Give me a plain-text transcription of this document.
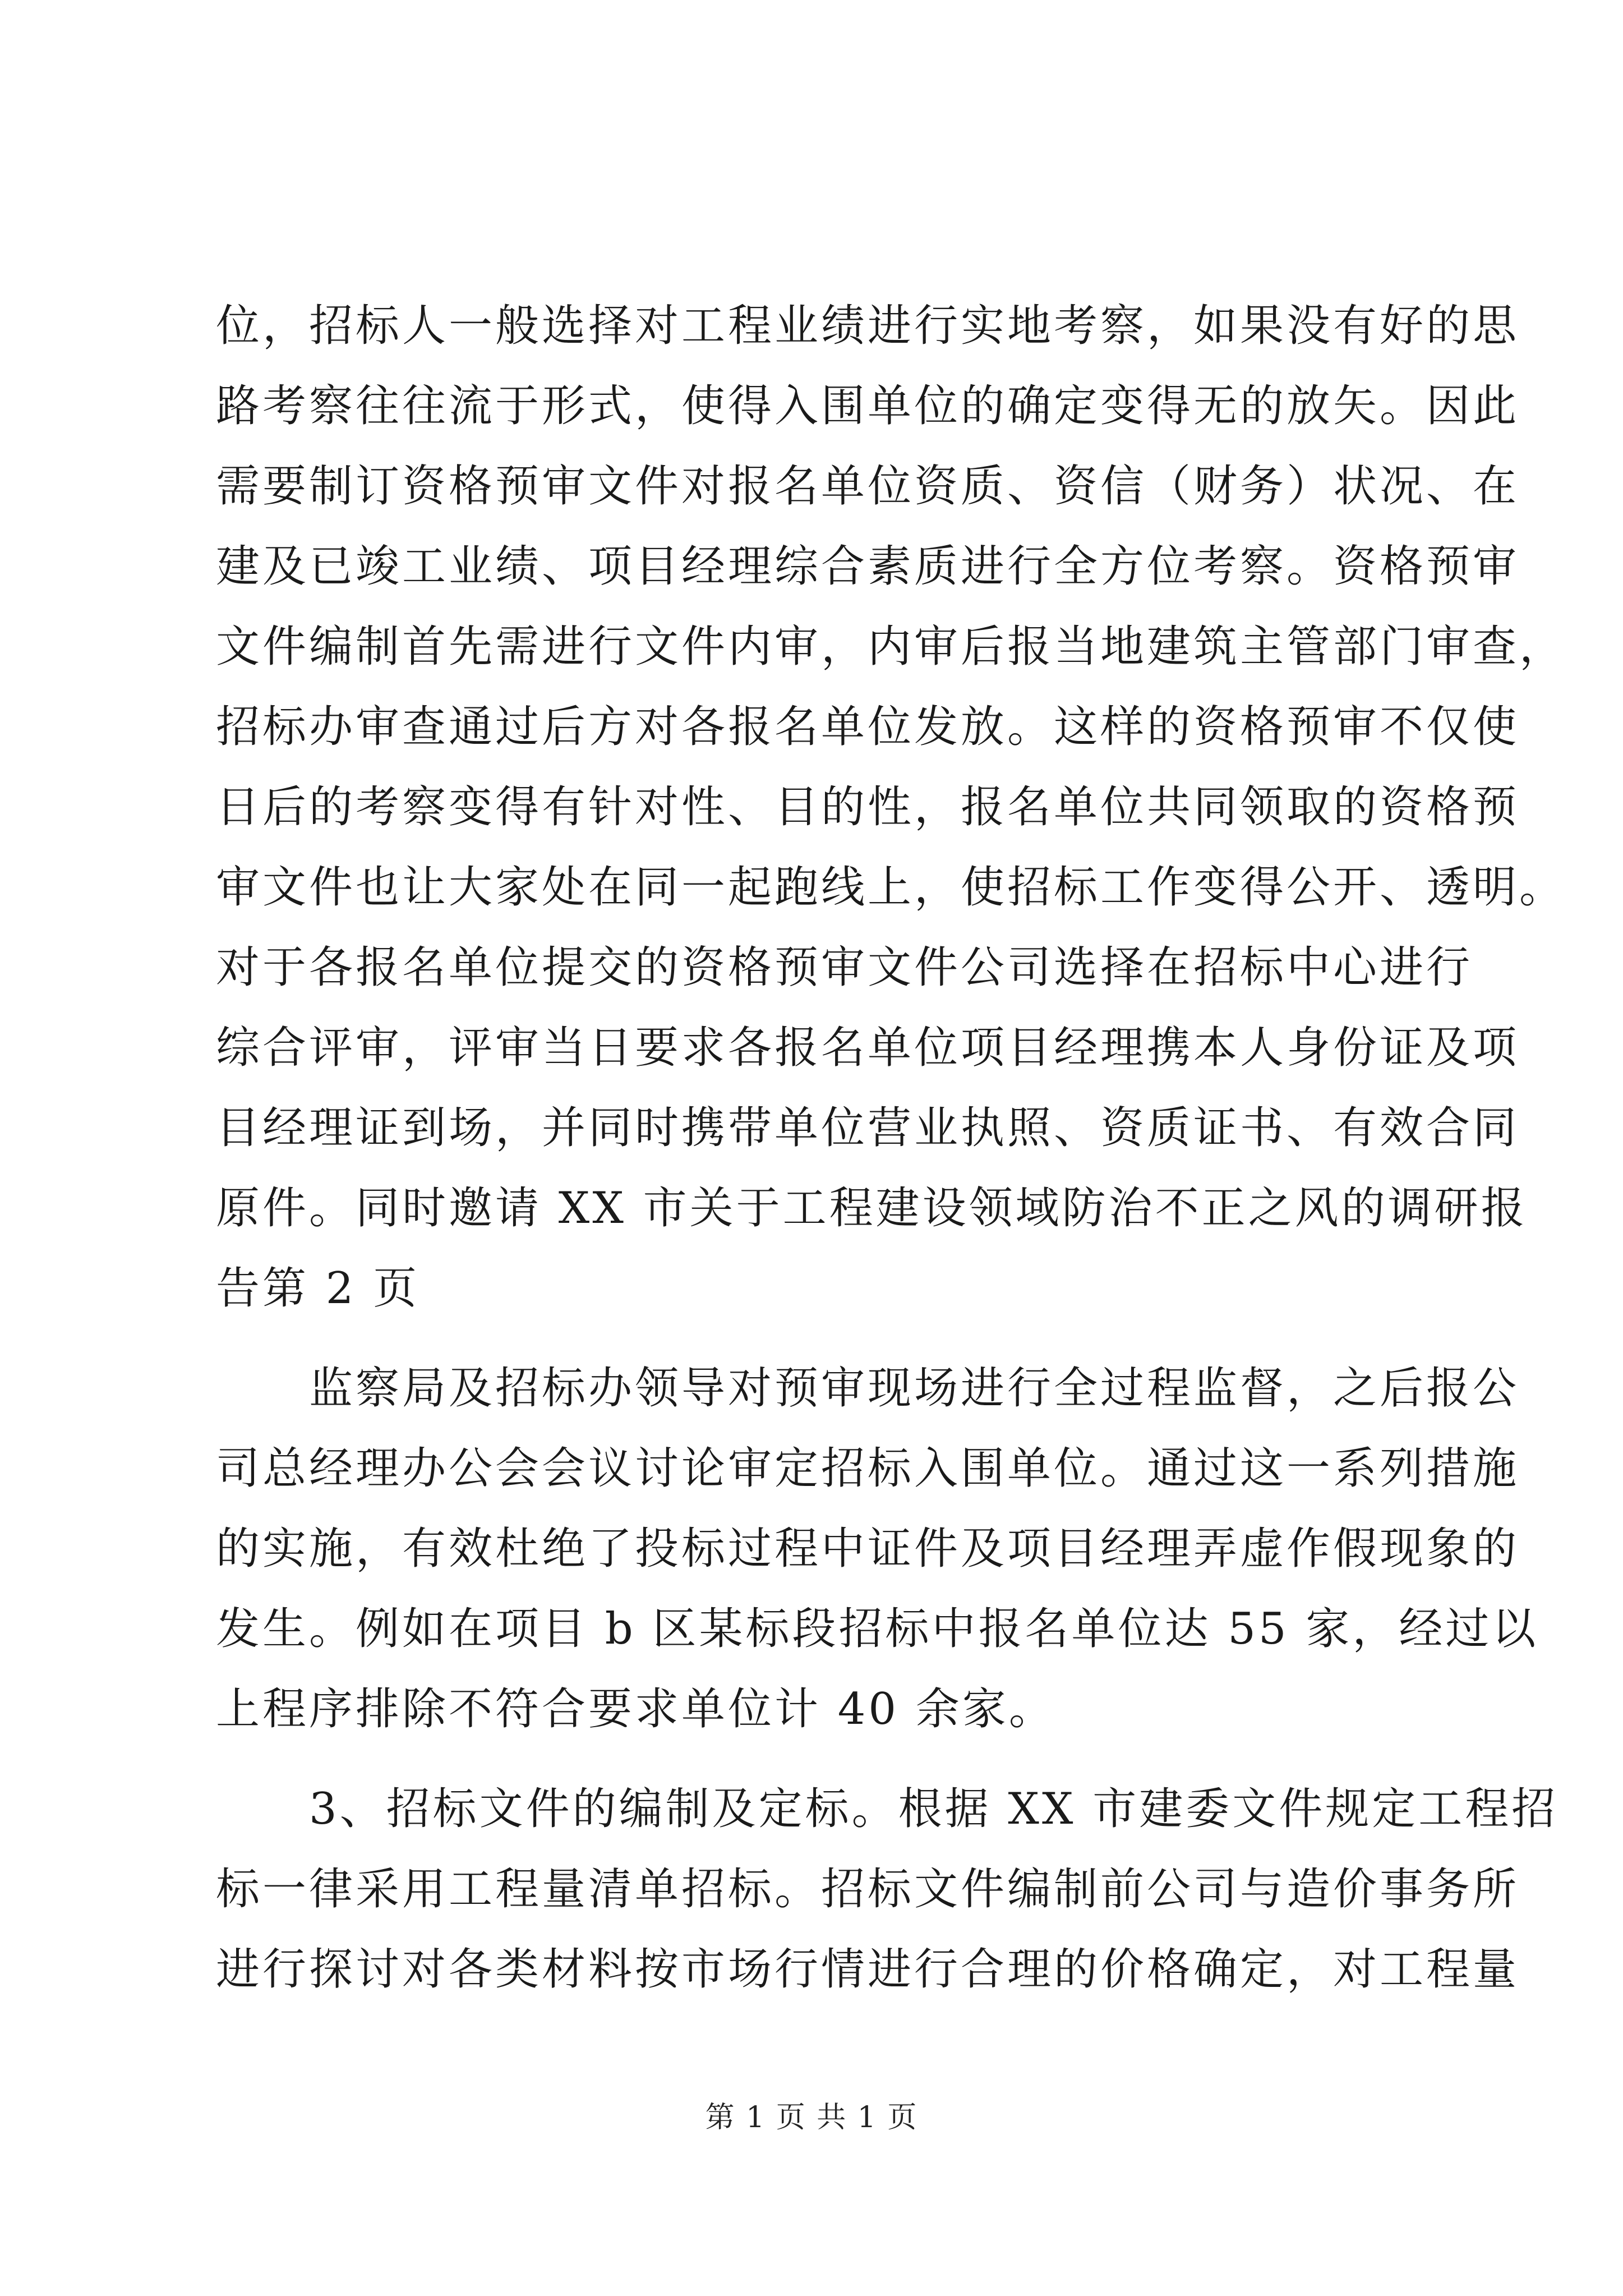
位，招标人一般选择对工程业绩进行实地考察，如果没有好的思
路考察往往流于形式，使得入围单位的确定变得无的放矢。因此
需要制订资格预审文件对报名单位资质、资信（财务）状况、在
建及已竣工业绩、项目经理综合素质进行全方位考察。资格预审
文件编制首先需进行文件内审，内审后报当地建筑主管部门审查，
招标办审查通过后方对各报名单位发放。这样的资格预审不仅使
日后的考察变得有针对性、目的性，报名单位共同领取的资格预
审文件也让大家处在同一起跑线上，使招标工作变得公开、透明。
对于各报名单位提交的资格预审文件公司选择在招标中心进行
综合评审，评审当日要求各报名单位项目经理携本人身份证及项
目经理证到场，并同时携带单位营业执照、资质证书、有效合同
原件。同时邀请 XX 市关于工程建设领域防治不正之风的调研报
告第 2 页
　　监察局及招标办领导对预审现场进行全过程监督，之后报公
司总经理办公会会议讨论审定招标入围单位。通过这一系列措施
的实施，有效杜绝了投标过程中证件及项目经理弄虚作假现象的
发生。例如在项目 b 区某标段招标中报名单位达 55 家，经过以
上程序排除不符合要求单位计 40 余家。
　　3、招标文件的编制及定标。根据 XX 市建委文件规定工程招
标一律采用工程量清单招标。招标文件编制前公司与造价事务所
进行探讨对各类材料按市场行情进行合理的价格确定，对工程量
第 1 页 共 1 页
